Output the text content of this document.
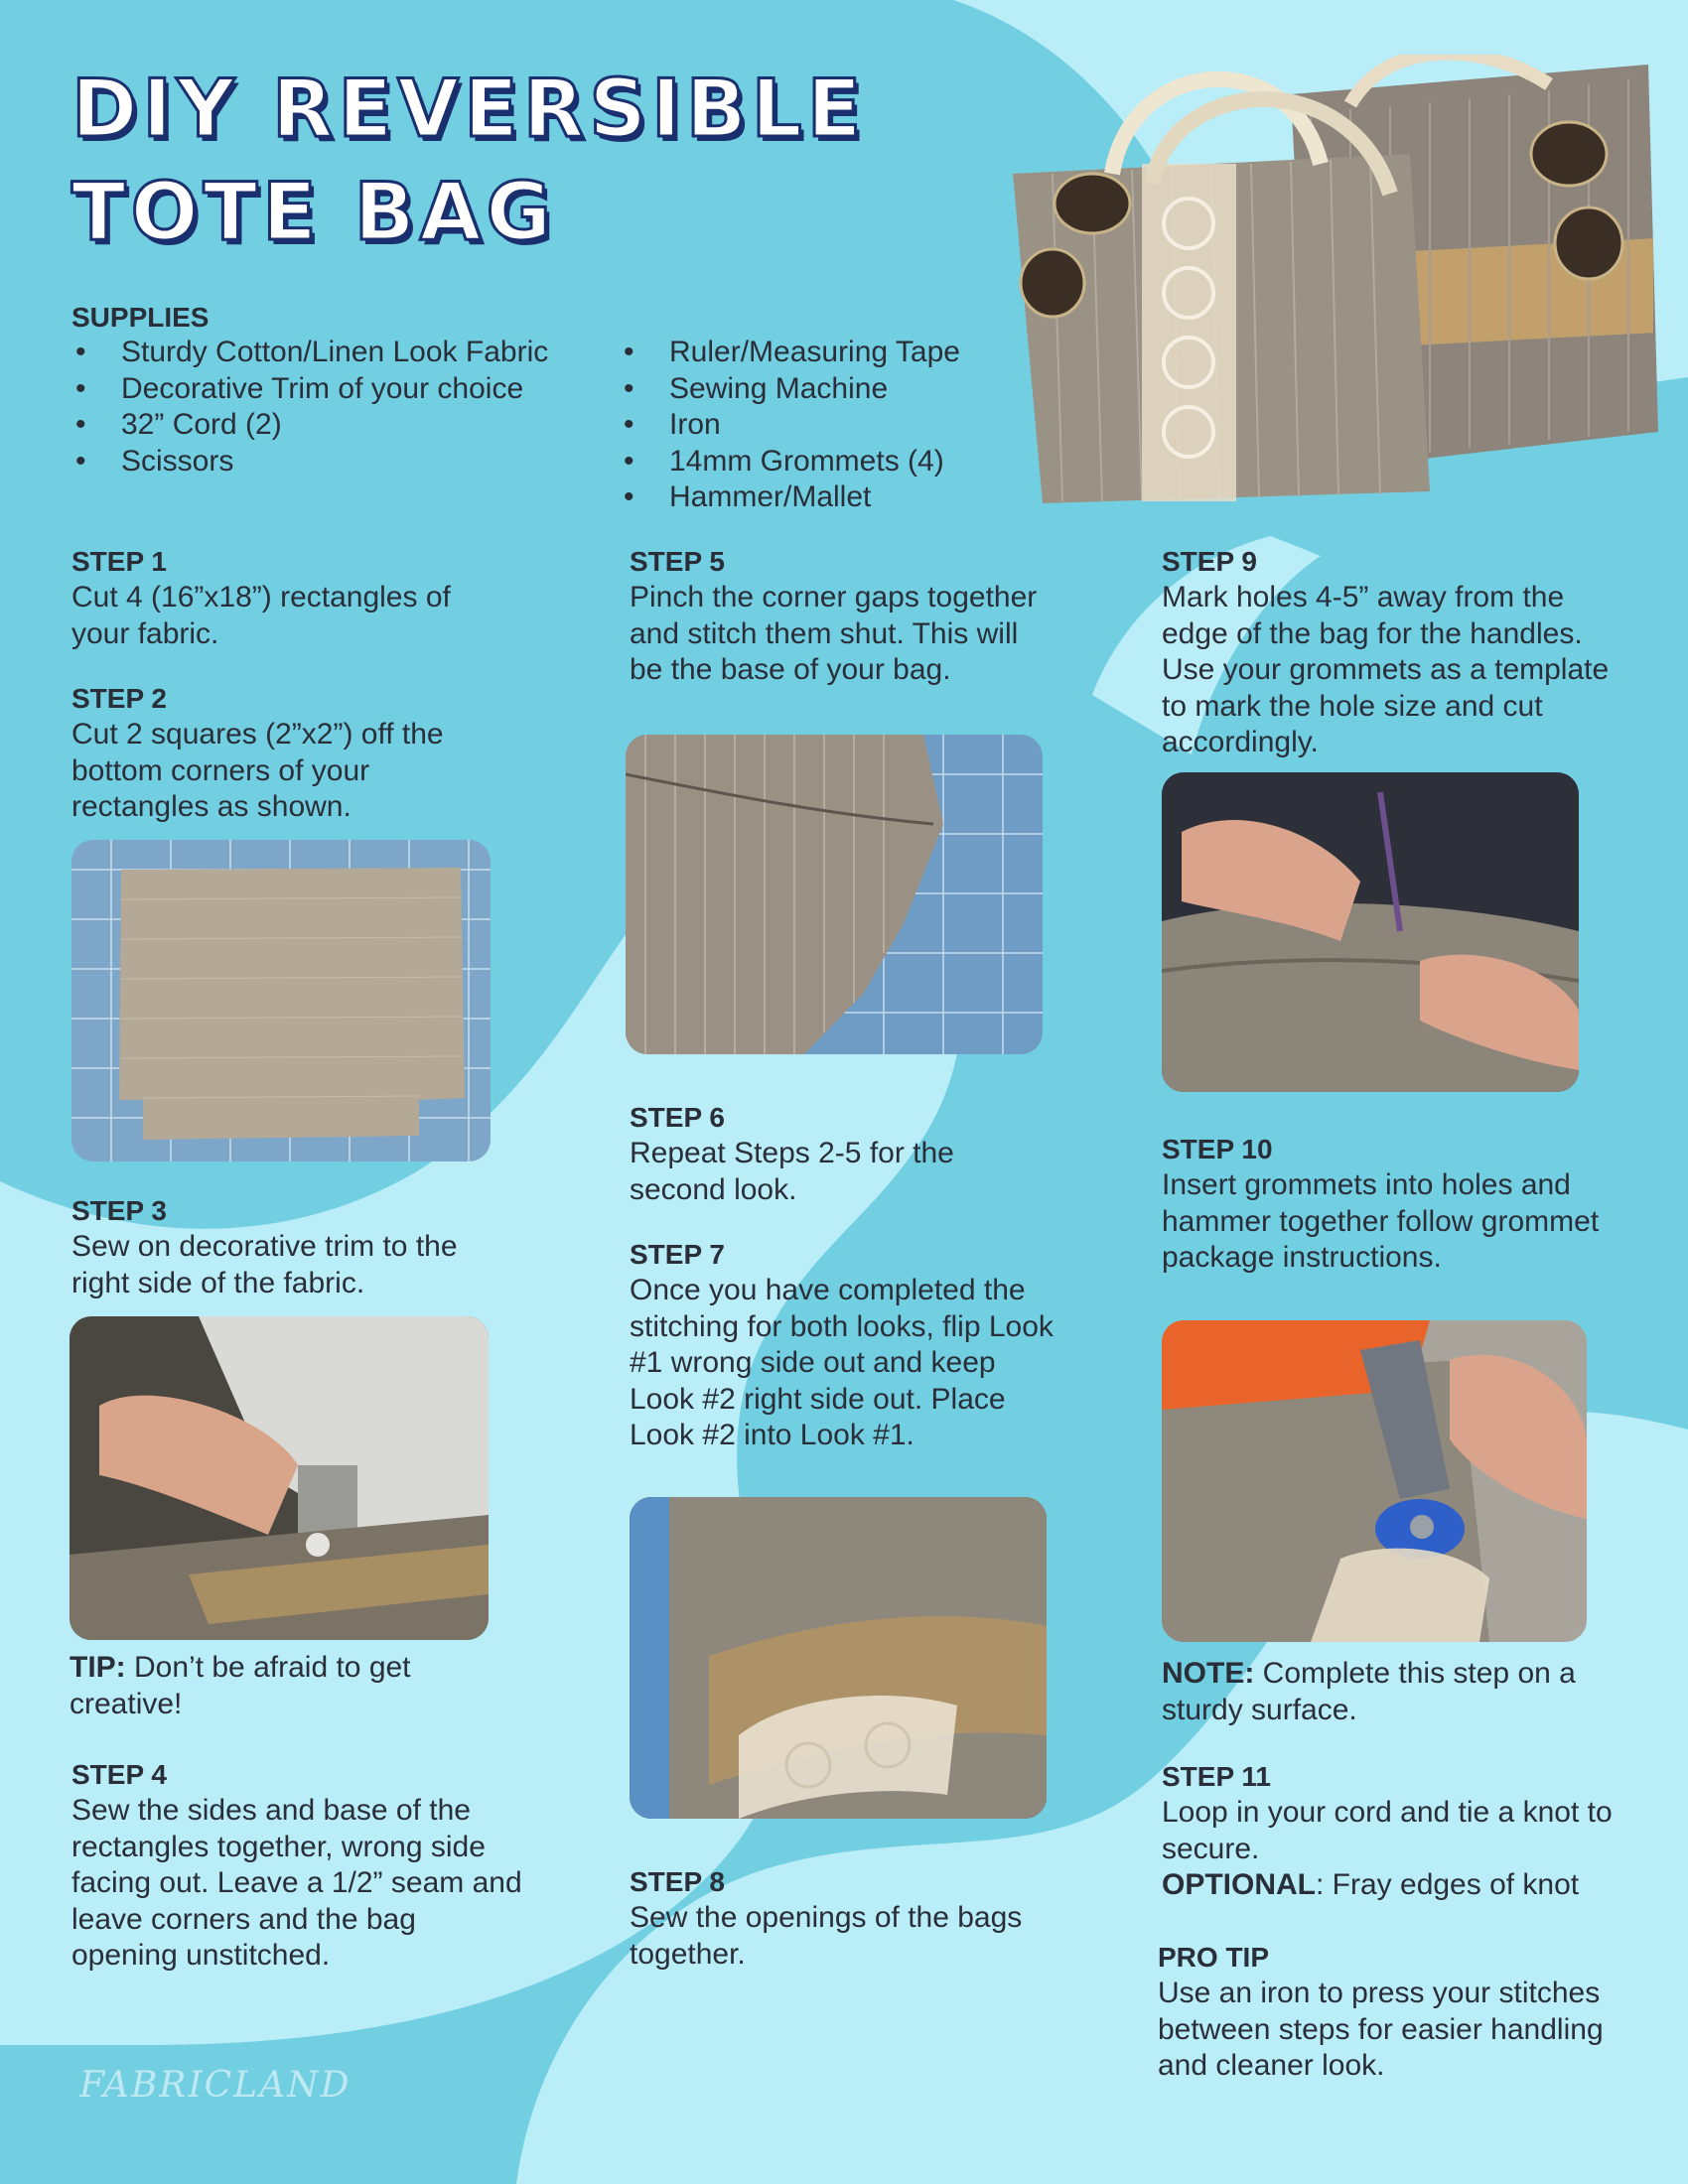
DIY REVERSIBLE
TOTE BAG
SUPPLIES
• Sturdy Cotton/Linen Look Fabric
• Decorative Trim of your choice
• 32” Cord (2)
• Scissors
• Ruler/Measuring Tape
• Sewing Machine
• Iron
• 14mm Grommets (4)
• Hammer/Mallet
STEP 1
Cut 4 (16”x18”) rectangles of your fabric.
STEP 2
Cut 2 squares (2”x2”) off the bottom corners of your rectangles as shown.
STEP 3
Sew on decorative trim to the right side of the fabric.
TIP: Don’t be afraid to get creative!
STEP 4
Sew the sides and base of the rectangles together, wrong side facing out. Leave a 1/2” seam and leave corners and the bag opening unstitched.
FABRICLAND
STEP 5
Pinch the corner gaps together and stitch them shut. This will be the base of your bag.
STEP 6
Repeat Steps 2-5 for the second look.
STEP 7
Once you have completed the stitching for both looks, flip Look #1 wrong side out and keep Look #2 right side out. Place Look #2 into Look #1.
STEP 8
Sew the openings of the bags together.
STEP 9
Mark holes 4-5” away from the edge of the bag for the handles. Use your grommets as a template to mark the hole size and cut accordingly.
STEP 10
Insert grommets into holes and hammer together follow grommet package instructions.
NOTE: Complete this step on a sturdy surface.
STEP 11
Loop in your cord and tie a knot to secure.
OPTIONAL: Fray edges of knot
PRO TIP
Use an iron to press your stitches between steps for easier handling and cleaner look.
